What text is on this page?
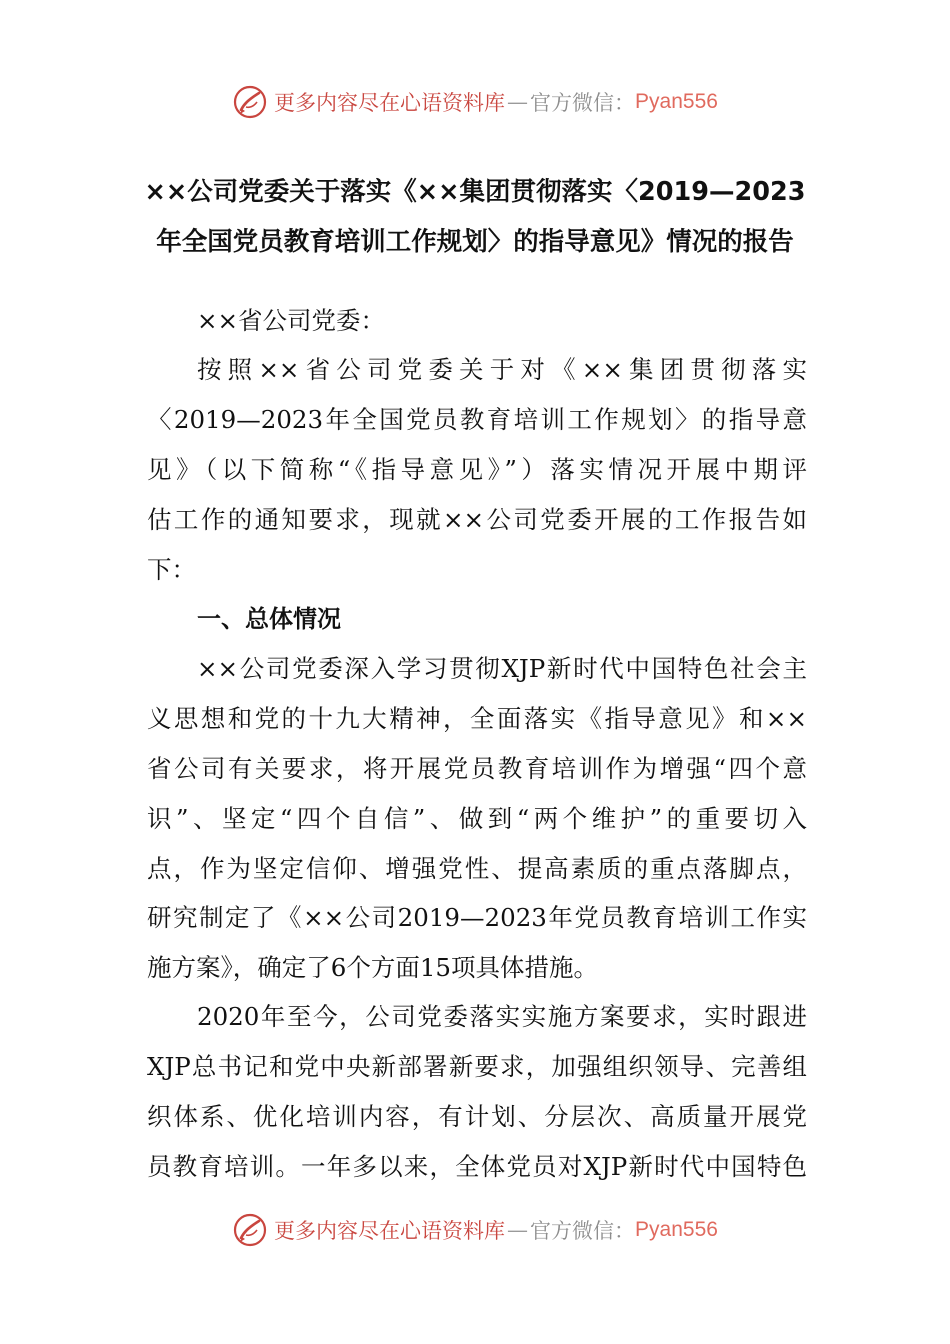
更多内容尽在心语资料库 — 官方微信： Pyan556
××公司党委关于落实《××集团贯彻落实〈2019—2023
年全国党员教育培训工作规划〉的指导意见》情况的报告
××省公司党委：
按照××省公司党委关于对《××集团贯彻落实
〈2019—2023年全国党员教育培训工作规划〉的指导意
见》（以下简称“《指导意见》”）落实情况开展中期评
估工作的通知要求，现就××公司党委开展的工作报告如
下：
一、总体情况
××公司党委深入学习贯彻XJP新时代中国特色社会主
义思想和党的十九大精神，全面落实《指导意见》和××
省公司有关要求，将开展党员教育培训作为增强“四个意
识”、坚定“四个自信”、做到“两个维护”的重要切入
点，作为坚定信仰、增强党性、提高素质的重点落脚点，
研究制定了《××公司2019—2023年党员教育培训工作实
施方案》，确定了6个方面15项具体措施。
2020年至今，公司党委落实实施方案要求，实时跟进
XJP总书记和党中央新部署新要求，加强组织领导、完善组
织体系、优化培训内容，有计划、分层次、高质量开展党
员教育培训。一年多以来，全体党员对XJP新时代中国特色
更多内容尽在心语资料库 — 官方微信： Pyan556
